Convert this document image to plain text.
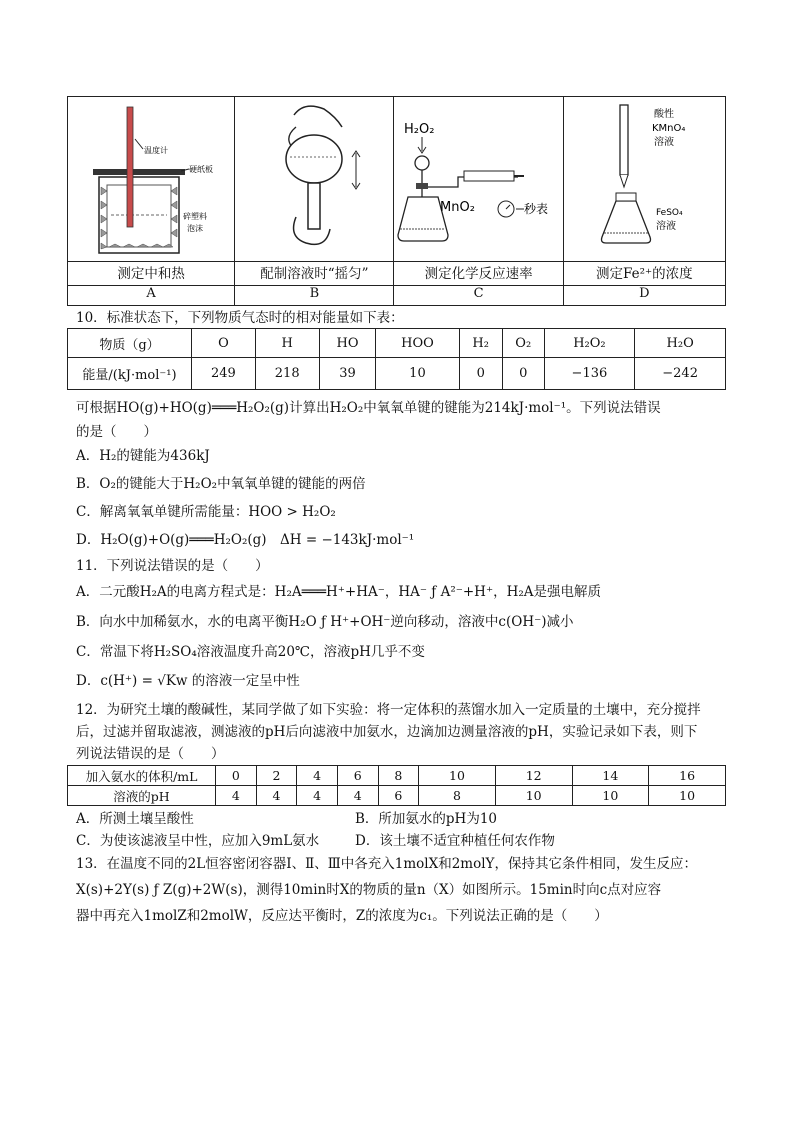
温度计
硬纸板
碎塑料
泡沫		H₂O₂
MnO₂ 秒表	酸性
KMnO₄
溶液
FeSO₄
溶液

测定中和热	配制溶液时“摇匀”	测定化学反应速率	测定Fe²⁺的浓度
A	B	C	D
10．标准状态下，下列物质气态时的相对能量如下表：
物质（g）	O	H	HO	HOO	H₂	O₂	H₂O₂	H₂O
能量/(kJ·mol⁻¹)	249	218	39	10	0	0	−136	−242
可根据HO(g)+HO(g)═══H₂O₂(g)计算出H₂O₂中氧氧单键的键能为214kJ·mol⁻¹。下列说法错误
的是（　　）
A．H₂的键能为436kJ
B．O₂的键能大于H₂O₂中氧氧单键的键能的两倍
C．解离氧氧单键所需能量：HOO > H₂O₂
D．H₂O(g)+O(g)═══H₂O₂(g)　ΔH = −143kJ·mol⁻¹
11．下列说法错误的是（　　）
A．二元酸H₂A的电离方程式是：H₂A═══H⁺+HA⁻，HA⁻ ƒ A²⁻+H⁺，H₂A是强电解质
B．向水中加稀氨水，水的电离平衡H₂O ƒ H⁺+OH⁻逆向移动，溶液中c(OH⁻)减小
C．常温下将H₂SO₄溶液温度升高20℃，溶液pH几乎不变
D．c(H⁺) = √Kw 的溶液一定呈中性
12．为研究土壤的酸碱性，某同学做了如下实验：将一定体积的蒸馏水加入一定质量的土壤中，充分搅拌
后，过滤并留取滤液，测滤液的pH后向滤液中加氨水，边滴加边测量溶液的pH，实验记录如下表，则下
列说法错误的是（　　）
加入氨水的体积/mL	0	2	4	6	8	10	12	14	16
溶液的pH	4	4	4	4	6	8	10	10	10
A．所测土壤呈酸性	B．所加氨水的pH为10
C．为使该滤液呈中性，应加入9mL氨水	D．该土壤不适宜种植任何农作物
13．在温度不同的2L恒容密闭容器Ⅰ、Ⅱ、Ⅲ中各充入1molX和2molY，保持其它条件相同，发生反应：
X(s)+2Y(s) ƒ Z(g)+2W(s)，测得10min时X的物质的量n（X）如图所示。15min时向c点对应容
器中再充入1molZ和2molW，反应达平衡时，Z的浓度为c₁。下列说法正确的是（　　）
